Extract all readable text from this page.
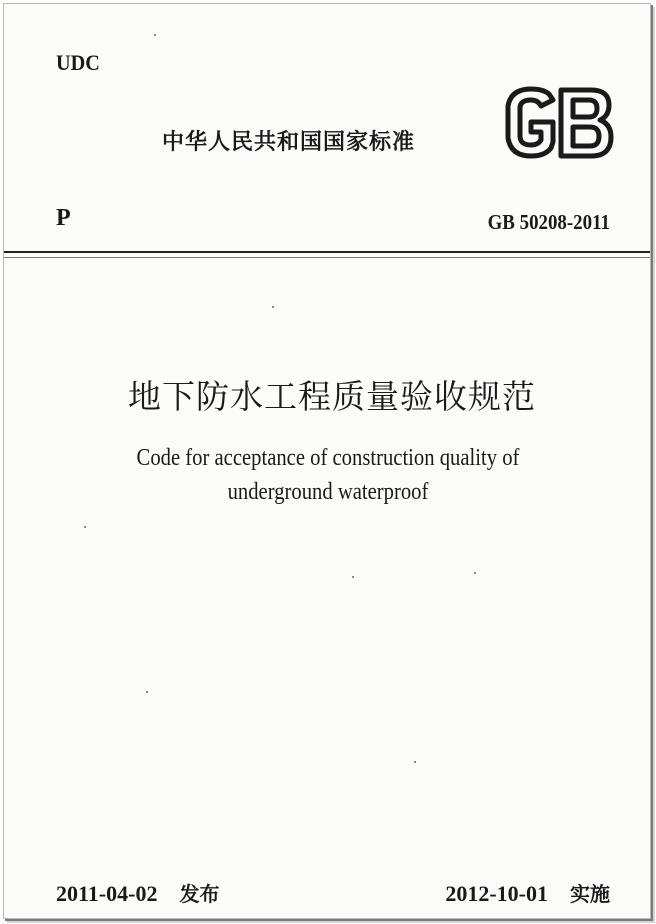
UDC
中华人民共和国国家标准
P	GB 50208-2011
地下防水工程质量验收规范
Code for acceptance of construction quality of
underground waterproof
2011-04-02 发布	2012-10-01 实施
